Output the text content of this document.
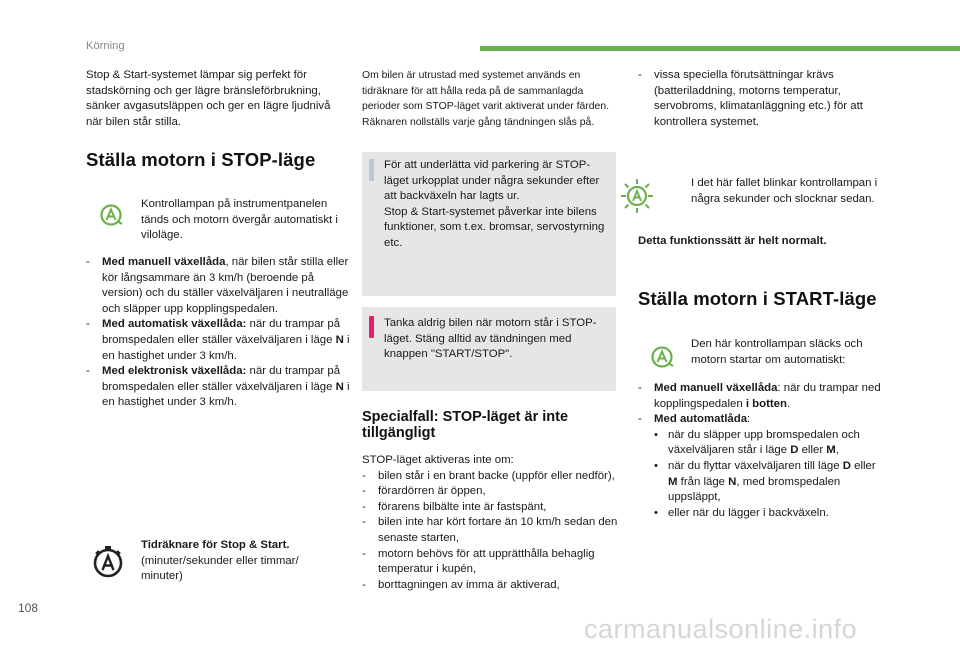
Körning
Stop & Start-systemet lämpar sig perfekt för stadskörning och ger lägre bränsleförbrukning, sänker avgasutsläppen och ger en lägre ljudnivå när bilen står stilla.
Ställa motorn i STOP-läge
Kontrollampan på instrumentpanelen tänds och motorn övergår automatiskt i viloläge.
-	Med manuell växellåda, när bilen står stilla eller kör långsammare än 3 km/h (beroende på version) och du ställer växelväljaren i neutralläge och släpper upp kopplingspedalen.
-	Med automatisk växellåda: när du trampar på bromspedalen eller ställer växelväljaren i läge N i en hastighet under 3 km/h.
-	Med elektronisk växellåda: när du trampar på bromspedalen eller ställer växelväljaren i läge N i en hastighet under 3 km/h.
Tidräknare för Stop & Start.
(minuter/sekunder eller timmar/ minuter)
Om bilen är utrustad med systemet används en tidräknare för att hålla reda på de sammanlagda perioder som STOP-läget varit aktiverat under färden.
Räknaren nollställs varje gång tändningen slås på.
För att underlätta vid parkering är STOP-läget urkopplat under några sekunder efter att backväxeln har lagts ur.
Stop & Start-systemet påverkar inte bilens funktioner, som t.ex. bromsar, servostyrning etc.
Tanka aldrig bilen när motorn står i STOP-läget. Stäng alltid av tändningen med knappen "START/STOP".
Specialfall: STOP-läget är inte tillgängligt
STOP-läget aktiveras inte om:
-	bilen står i en brant backe (uppför eller nedför),
-	förardörren är öppen,
-	förarens bilbälte inte är fastspänt,
-	bilen inte har kört fortare än 10 km/h sedan den senaste starten,
-	motorn behövs för att upprätthålla behaglig temperatur i kupén,
-	borttagningen av imma är aktiverad,
-	vissa speciella förutsättningar krävs (batteriladdning, motorns temperatur, servobroms, klimatanläggning etc.) för att kontrollera systemet.
I det här fallet blinkar kontrollampan i några sekunder och slocknar sedan.
Detta funktionssätt är helt normalt.
Ställa motorn i START-läge
Den här kontrollampan släcks och motorn startar om automatiskt:
-	Med manuell växellåda: när du trampar ned kopplingspedalen i botten.
-	Med automatlåda:
• när du släpper upp bromspedalen och växelväljaren står i läge D eller M,
• när du flyttar växelväljaren till läge D eller M från läge N, med bromspedalen uppsläppt,
• eller när du lägger i backväxeln.
108
carmanualsonline.info
